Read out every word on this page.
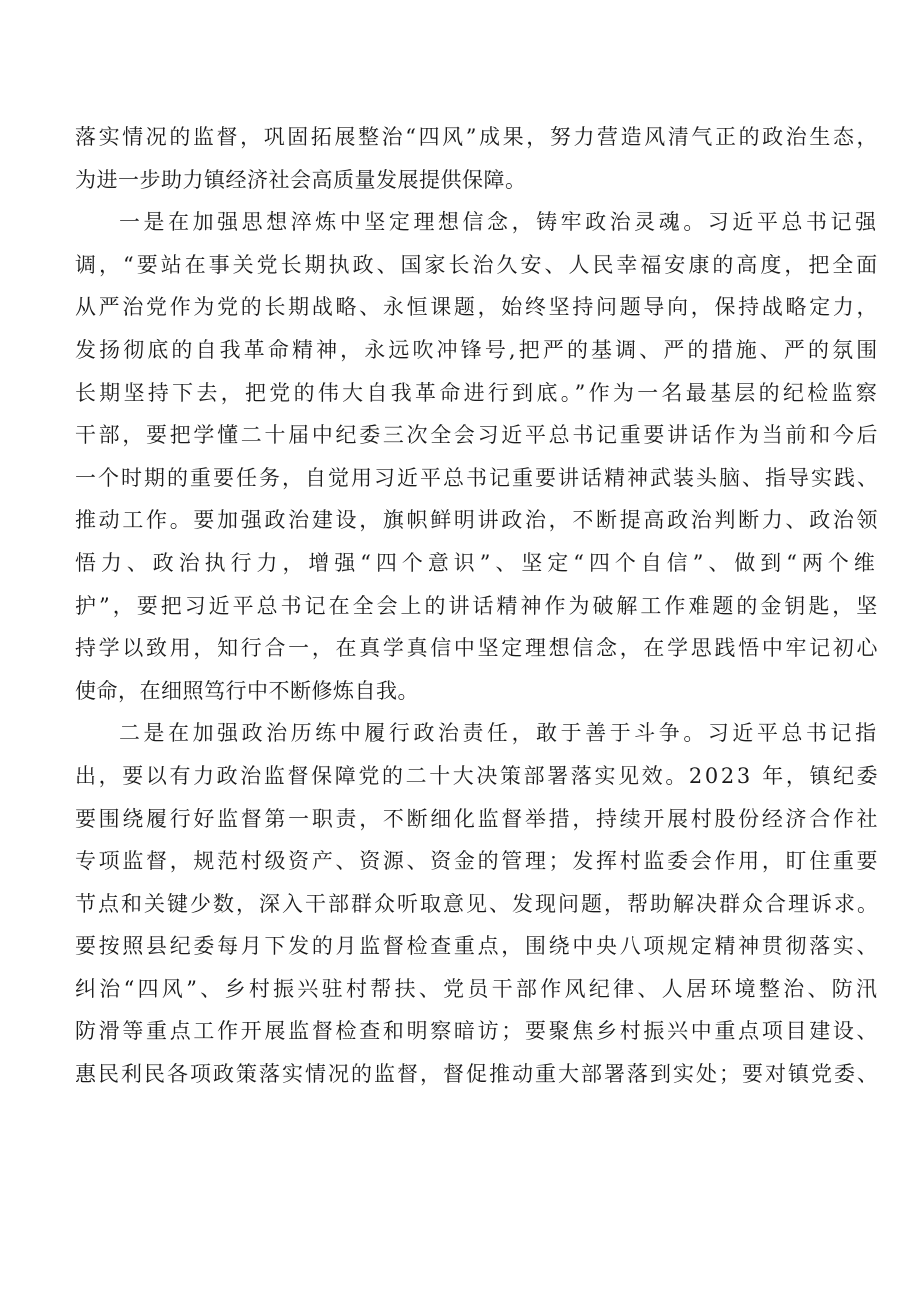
落实情况的监督，巩固拓展整治“四风”成果，努力营造风清气正的政治生态，
为进一步助力镇经济社会高质量发展提供保障。
一是在加强思想淬炼中坚定理想信念，铸牢政治灵魂。习近平总书记强
调，“要站在事关党长期执政、国家长治久安、人民幸福安康的高度，把全面
从严治党作为党的长期战略、永恒课题，始终坚持问题导向，保持战略定力，
发扬彻底的自我革命精神，永远吹冲锋号,把严的基调、严的措施、严的氛围
长期坚持下去，把党的伟大自我革命进行到底。”作为一名最基层的纪检监察
干部，要把学懂二十届中纪委三次全会习近平总书记重要讲话作为当前和今后
一个时期的重要任务，自觉用习近平总书记重要讲话精神武装头脑、指导实践、
推动工作。要加强政治建设，旗帜鲜明讲政治，不断提高政治判断力、政治领
悟力、政治执行力，增强“四个意识”、坚定“四个自信”、做到“两个维
护”，要把习近平总书记在全会上的讲话精神作为破解工作难题的金钥匙，坚
持学以致用，知行合一，在真学真信中坚定理想信念，在学思践悟中牢记初心
使命，在细照笃行中不断修炼自我。
二是在加强政治历练中履行政治责任，敢于善于斗争。习近平总书记指
出，要以有力政治监督保障党的二十大决策部署落实见效。2023 年，镇纪委
要围绕履行好监督第一职责，不断细化监督举措，持续开展村股份经济合作社
专项监督，规范村级资产、资源、资金的管理；发挥村监委会作用，盯住重要
节点和关键少数，深入干部群众听取意见、发现问题，帮助解决群众合理诉求。
要按照县纪委每月下发的月监督检查重点，围绕中央八项规定精神贯彻落实、
纠治“四风”、乡村振兴驻村帮扶、党员干部作风纪律、人居环境整治、防汛
防滑等重点工作开展监督检查和明察暗访；要聚焦乡村振兴中重点项目建设、
惠民利民各项政策落实情况的监督，督促推动重大部署落到实处；要对镇党委、
